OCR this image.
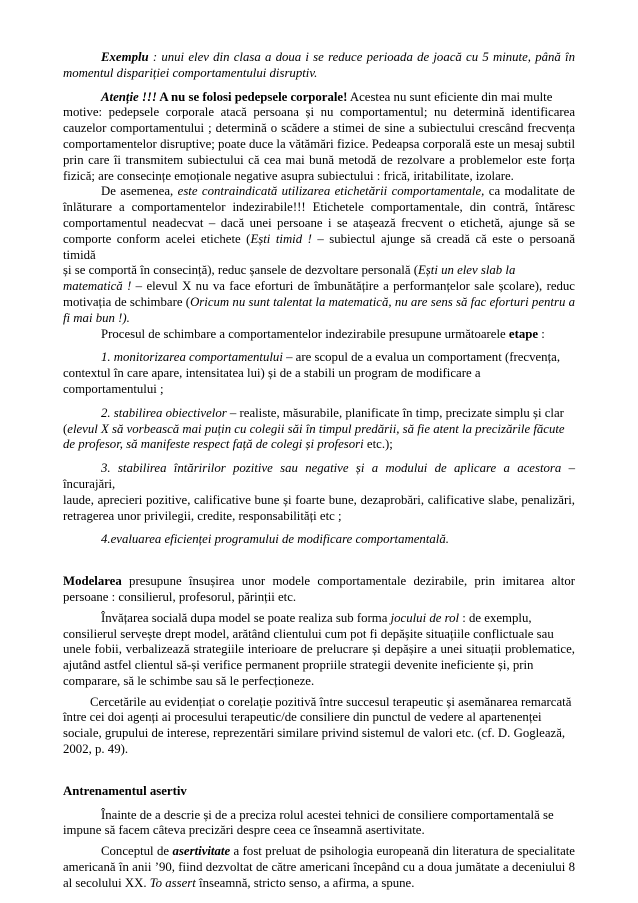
Exemplu : unui elev din clasa a doua i se reduce perioada de joacă cu 5 minute, până în
momentul dispariției comportamentului disruptiv.
Atenție !!! A nu se folosi pedepsele corporale! Acestea nu sunt eficiente din mai multe
motive: pedepsele corporale atacă persoana și nu comportamentul; nu determină identificarea
cauzelor comportamentului ; determină o scădere a stimei de sine a subiectului crescând frecvența
comportamentelor disruptive; poate duce la vătămări fizice. Pedeapsa corporală este un mesaj subtil
prin care îi transmitem subiectului că cea mai bună metodă de rezolvare a problemelor este forța
fizică; are consecințe emoționale negative asupra subiectului : frică, iritabilitate, izolare.
De asemenea, este contraindicată utilizarea etichetării comportamentale, ca modalitate de
înlăturare a comportamentelor indezirabile!!! Etichetele comportamentale, din contră, întăresc
comportamentul neadecvat – dacă unei persoane i se atașează frecvent o etichetă, ajunge să se
comporte conform acelei etichete (Ești timid ! – subiectul ajunge să creadă că este o persoană timidă
și se comportă în consecință), reduc șansele de dezvoltare personală (Ești un elev slab la
matematică ! – elevul X nu va face eforturi de îmbunătățire a performanțelor sale școlare), reduc
motivația de schimbare (Oricum nu sunt talentat la matematică, nu are sens să fac eforturi pentru a
fi mai bun !).
Procesul de schimbare a comportamentelor indezirabile presupune următoarele etape :
1. monitorizarea comportamentului – are scopul de a evalua un comportament (frecvența,
contextul în care apare, intensitatea lui) și de a stabili un program de modificare a
comportamentului ;
2. stabilirea obiectivelor – realiste, măsurabile, planificate în timp, precizate simplu și clar
(elevul X să vorbească mai puțin cu colegii săi în timpul predării, să fie atent la precizările făcute
de profesor, să manifeste respect față de colegi și profesori etc.);
3. stabilirea întăririlor pozitive sau negative și a modului de aplicare a acestora – încurajări,
laude, aprecieri pozitive, calificative bune și foarte bune, dezaprobări, calificative slabe, penalizări,
retragerea unor privilegii, credite, responsabilități etc ;
4.evaluarea eficienței programului de modificare comportamentală.
Modelarea presupune însușirea unor modele comportamentale dezirabile, prin imitarea altor
persoane : consilierul, profesorul, părinții etc.
Învățarea socială dupa model se poate realiza sub forma jocului de rol : de exemplu,
consilierul servește drept model, arătând clientului cum pot fi depășite situațiile conflictuale sau
unele fobii, verbalizează strategiile interioare de prelucrare și depășire a unei situații problematice,
ajutând astfel clientul să-și verifice permanent propriile strategii devenite ineficiente și, prin
comparare, să le schimbe sau să le perfecționeze.
Cercetările au evidențiat o corelație pozitivă între succesul terapeutic și asemănarea remarcată
între cei doi agenți ai procesului terapeutic/de consiliere din punctul de vedere al apartenenței
sociale, grupului de interese, reprezentări similare privind sistemul de valori etc. (cf. D. Goglează,
2002, p. 49).
Antrenamentul asertiv
Înainte de a descrie și de a preciza rolul acestei tehnici de consiliere comportamentală se
impune să facem câteva precizări despre ceea ce înseamnă asertivitate.
Conceptul de asertivitate a fost preluat de psihologia europeană din literatura de specialitate
americană în anii ’90, fiind dezvoltat de către americani începând cu a doua jumătate a deceniului 8
al secolului XX. To assert înseamnă, stricto senso, a afirma, a spune.
